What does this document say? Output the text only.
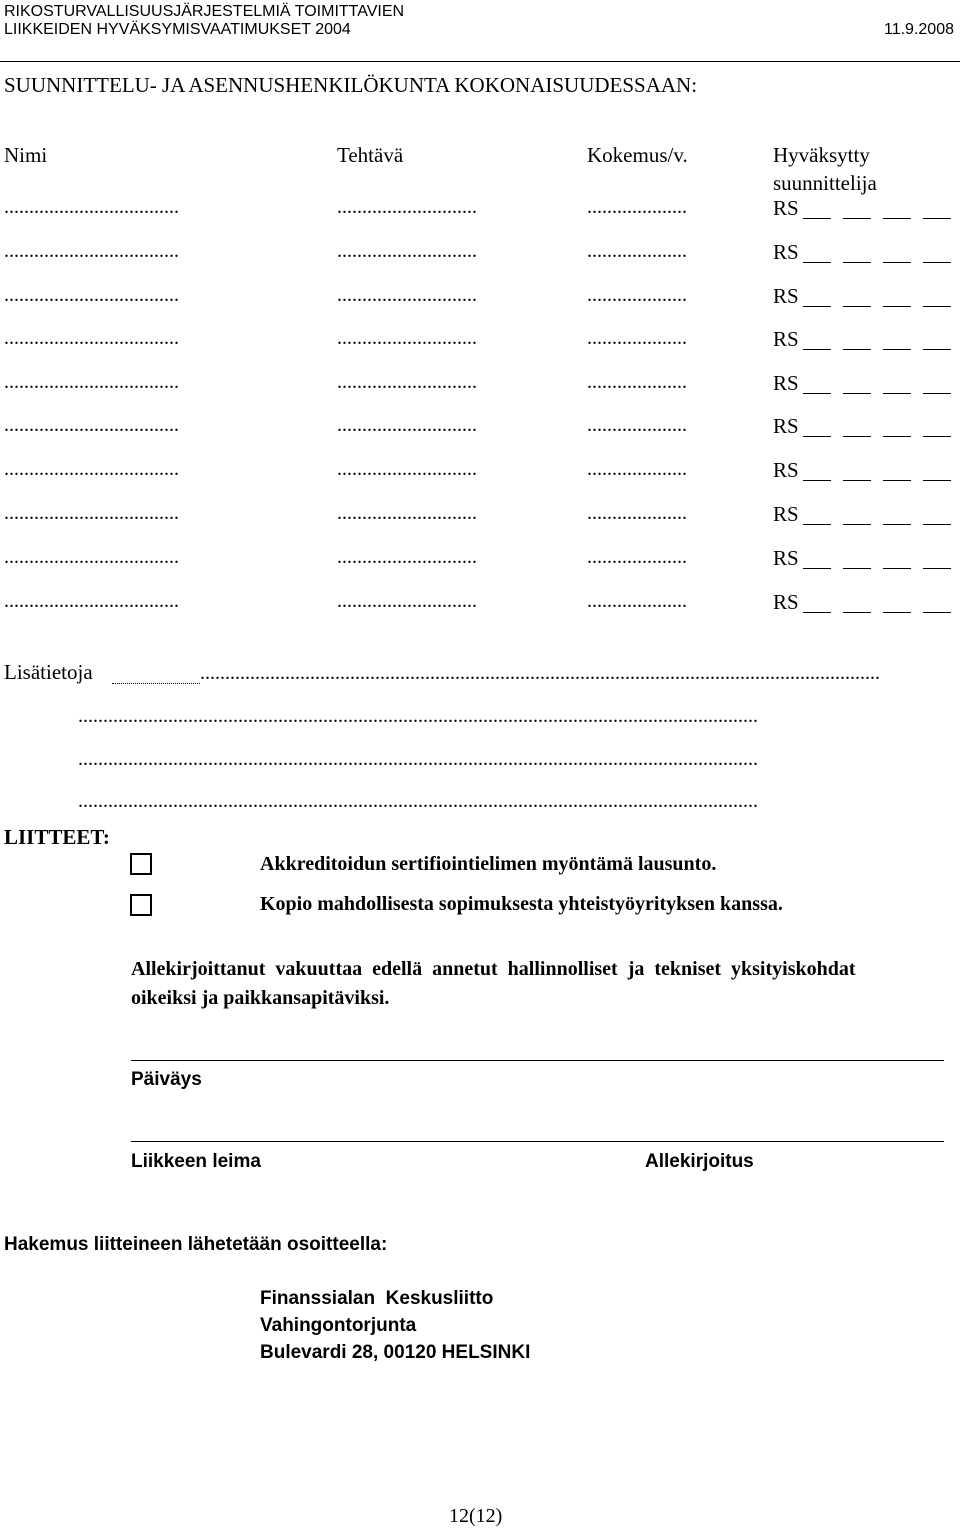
RIKOSTURVALLISUUSJÄRJESTELMIÄ TOIMITTAVIEN
LIIKKEIDEN HYVÄKSYMISVAATIMUKSET 2004	11.9.2008
SUUNNITTELU- JA ASENNUSHENKILÖKUNTA KOKONAISUUDESSAAN:
Nimi	Tehtävä	Kokemus/v.	Hyväksytty
suunnittelija
...................................	............................	....................	RS
...................................	............................	....................	RS
...................................	............................	....................	RS
...................................	............................	....................	RS
...................................	............................	....................	RS
...................................	............................	....................	RS
...................................	............................	....................	RS
...................................	............................	....................	RS
...................................	............................	....................	RS
...................................	............................	....................	RS
Lisätietoja	........................................................................................................................................
........................................................................................................................................
........................................................................................................................................
........................................................................................................................................
LIITTEET:
Akkreditoidun sertifiointielimen myöntämä lausunto.
Kopio mahdollisesta sopimuksesta yhteistyöyrityksen kanssa.
Allekirjoittanut vakuuttaa edellä annetut hallinnolliset ja tekniset yksityiskohdat
oikeiksi ja paikkansapitäviksi.
Päiväys
Liikkeen leima	Allekirjoitus
Hakemus liitteineen lähetetään osoitteella:
Finanssialan  Keskusliitto
Vahingontorjunta
Bulevardi 28, 00120 HELSINKI
12(12)
